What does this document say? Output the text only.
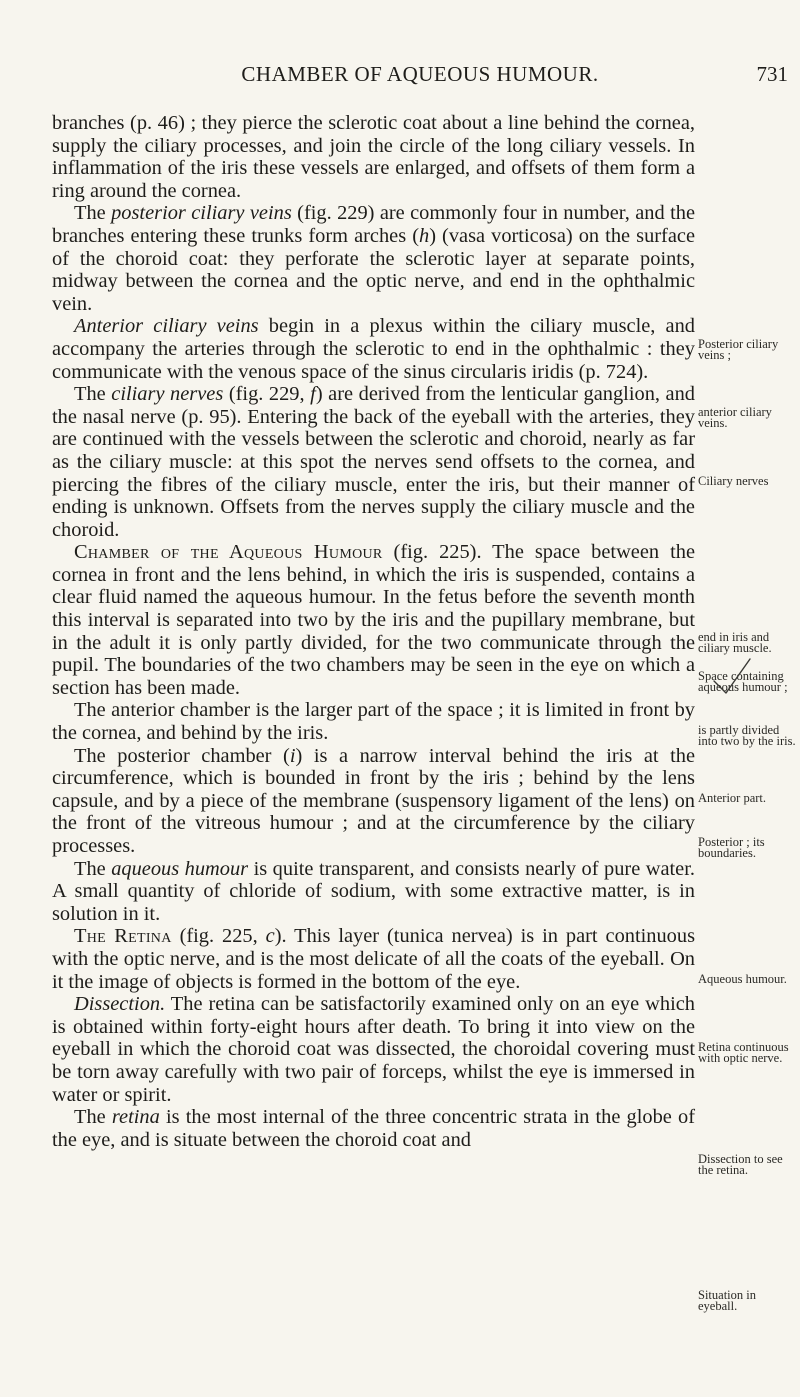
CHAMBER OF AQUEOUS HUMOUR.	731

branches (p. 46) ; they pierce the sclerotic coat about a line behind the cornea, supply the ciliary processes, and join the circle of the long ciliary vessels. In inflammation of the iris these vessels are enlarged, and offsets of them form a ring around the cornea.

The posterior ciliary veins (fig. 229) are commonly four in number, and the branches entering these trunks form arches (h) (vasa vorticosa) on the surface of the choroid coat: they perforate the sclerotic layer at separate points, midway between the cornea and the optic nerve, and end in the ophthalmic vein.

Anterior ciliary veins begin in a plexus within the ciliary muscle, and accompany the arteries through the sclerotic to end in the ophthalmic : they communicate with the venous space of the sinus circularis iridis (p. 724).

The ciliary nerves (fig. 229, f) are derived from the lenticular ganglion, and the nasal nerve (p. 95). Entering the back of the eyeball with the arteries, they are continued with the vessels between the sclerotic and choroid, nearly as far as the ciliary muscle: at this spot the nerves send offsets to the cornea, and piercing the fibres of the ciliary muscle, enter the iris, but their manner of ending is unknown. Offsets from the nerves supply the ciliary muscle and the choroid.

Chamber of the Aqueous Humour (fig. 225). The space between the cornea in front and the lens behind, in which the iris is suspended, contains a clear fluid named the aqueous humour. In the fetus before the seventh month this interval is separated into two by the iris and the pupillary membrane, but in the adult it is only partly divided, for the two communicate through the pupil. The boundaries of the two chambers may be seen in the eye on which a section has been made.

The anterior chamber is the larger part of the space ; it is limited in front by the cornea, and behind by the iris.

The posterior chamber (i) is a narrow interval behind the iris at the circumference, which is bounded in front by the iris ; behind by the lens capsule, and by a piece of the membrane (suspensory ligament of the lens) on the front of the vitreous humour ; and at the circumference by the ciliary processes.

The aqueous humour is quite transparent, and consists nearly of pure water. A small quantity of chloride of sodium, with some extractive matter, is in solution in it.

The Retina (fig. 225, c). This layer (tunica nervea) is in part continuous with the optic nerve, and is the most delicate of all the coats of the eyeball. On it the image of objects is formed in the bottom of the eye.

Dissection. The retina can be satisfactorily examined only on an eye which is obtained within forty-eight hours after death. To bring it into view on the eyeball in which the choroid coat was dissected, the choroidal covering must be torn away carefully with two pair of forceps, whilst the eye is immersed in water or spirit.

The retina is the most internal of the three concentric strata in the globe of the eye, and is situate between the choroid coat and

Posterior ciliary veins ;
anterior ciliary veins.
Ciliary nerves
end in iris and ciliary muscle.
Space containing aqueous humour ;
is partly divided into two by the iris.
Anterior part.
Posterior ; its boundaries.
Aqueous humour.
Retina continuous with optic nerve.
Dissection to see the retina.
Situation in eyeball.
